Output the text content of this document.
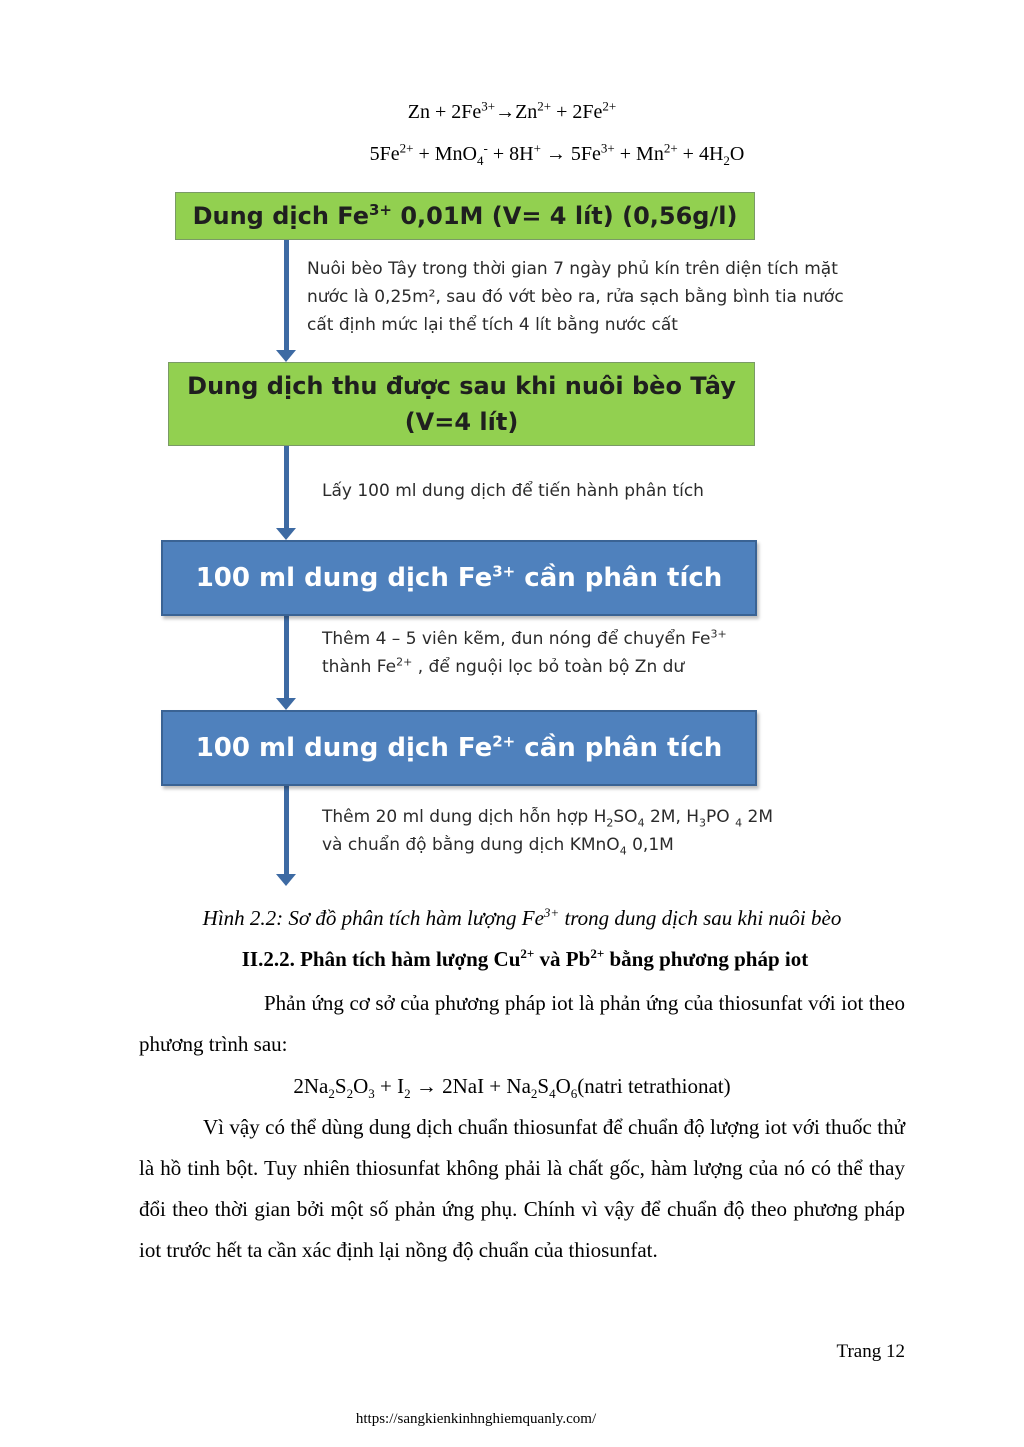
$Zn + 2Fe^{3+}\to Zn^{2+} + 2Fe^{2+}$
$5Fe^{2+} + MnO_4^- + 8H^+ \to 5Fe^{3+} + Mn^{2+} + 4H_2O$
Dung dịch $Fe^{3+}$ 0,01M (V= 4 lít) (0,56g/l)
Nuôi bèo Tây trong thời gian 7 ngày phủ kín trên diện tích mặt nước là 0,25m², sau đó vớt bèo ra, rửa sạch bằng bình tia nước cất định mức lại thể tích 4 lít bằng nước cất
Dung dịch thu được sau khi nuôi bèo Tây
(V=4 lít)
Lấy 100 ml dung dịch để tiến hành phân tích
100 ml dung dịch $Fe^{3+}$ cần phân tích
Thêm 4 – 5 viên kẽm, đun nóng để chuyển $Fe^{3+}$
thành $Fe^{2+}$ , để nguội lọc bỏ toàn bộ Zn dư
100 ml dung dịch $Fe^{2+}$ cần phân tích
Thêm 20 ml dung dịch hỗn hợp $H_2SO_4$ 2M, $H_3PO$ $_4$ 2M
và chuẩn độ bằng dung dịch KMnO$_4$ 0,1M
Hình 2.2: Sơ đồ phân tích hàm lượng $Fe^{3+}$ trong dung dịch sau khi nuôi bèo
II.2.2. Phân tích hàm lượng $Cu^{2+}$ và $Pb^{2+}$ bằng phương pháp iot
Phản ứng cơ sở của phương pháp iot là phản ứng của thiosunfat với iot theo phương trình sau:
$2Na_2S_2O_3 + I_2 \to 2NaI$ + $Na_2S_4O_6(natri$ tetrathionat)
Vì vậy có thể dùng dung dịch chuẩn thiosunfat để chuẩn độ lượng iot với thuốc thử là hồ tinh bột. Tuy nhiên thiosunfat không phải là chất gốc, hàm lượng của nó có thể thay đổi theo thời gian bởi một số phản ứng phụ. Chính vì vậy để chuẩn độ theo phương pháp iot trước hết ta cần xác định lại nồng độ chuẩn của thiosunfat.
Trang 12
https://sangkienkinhnghiemquanly.com/
